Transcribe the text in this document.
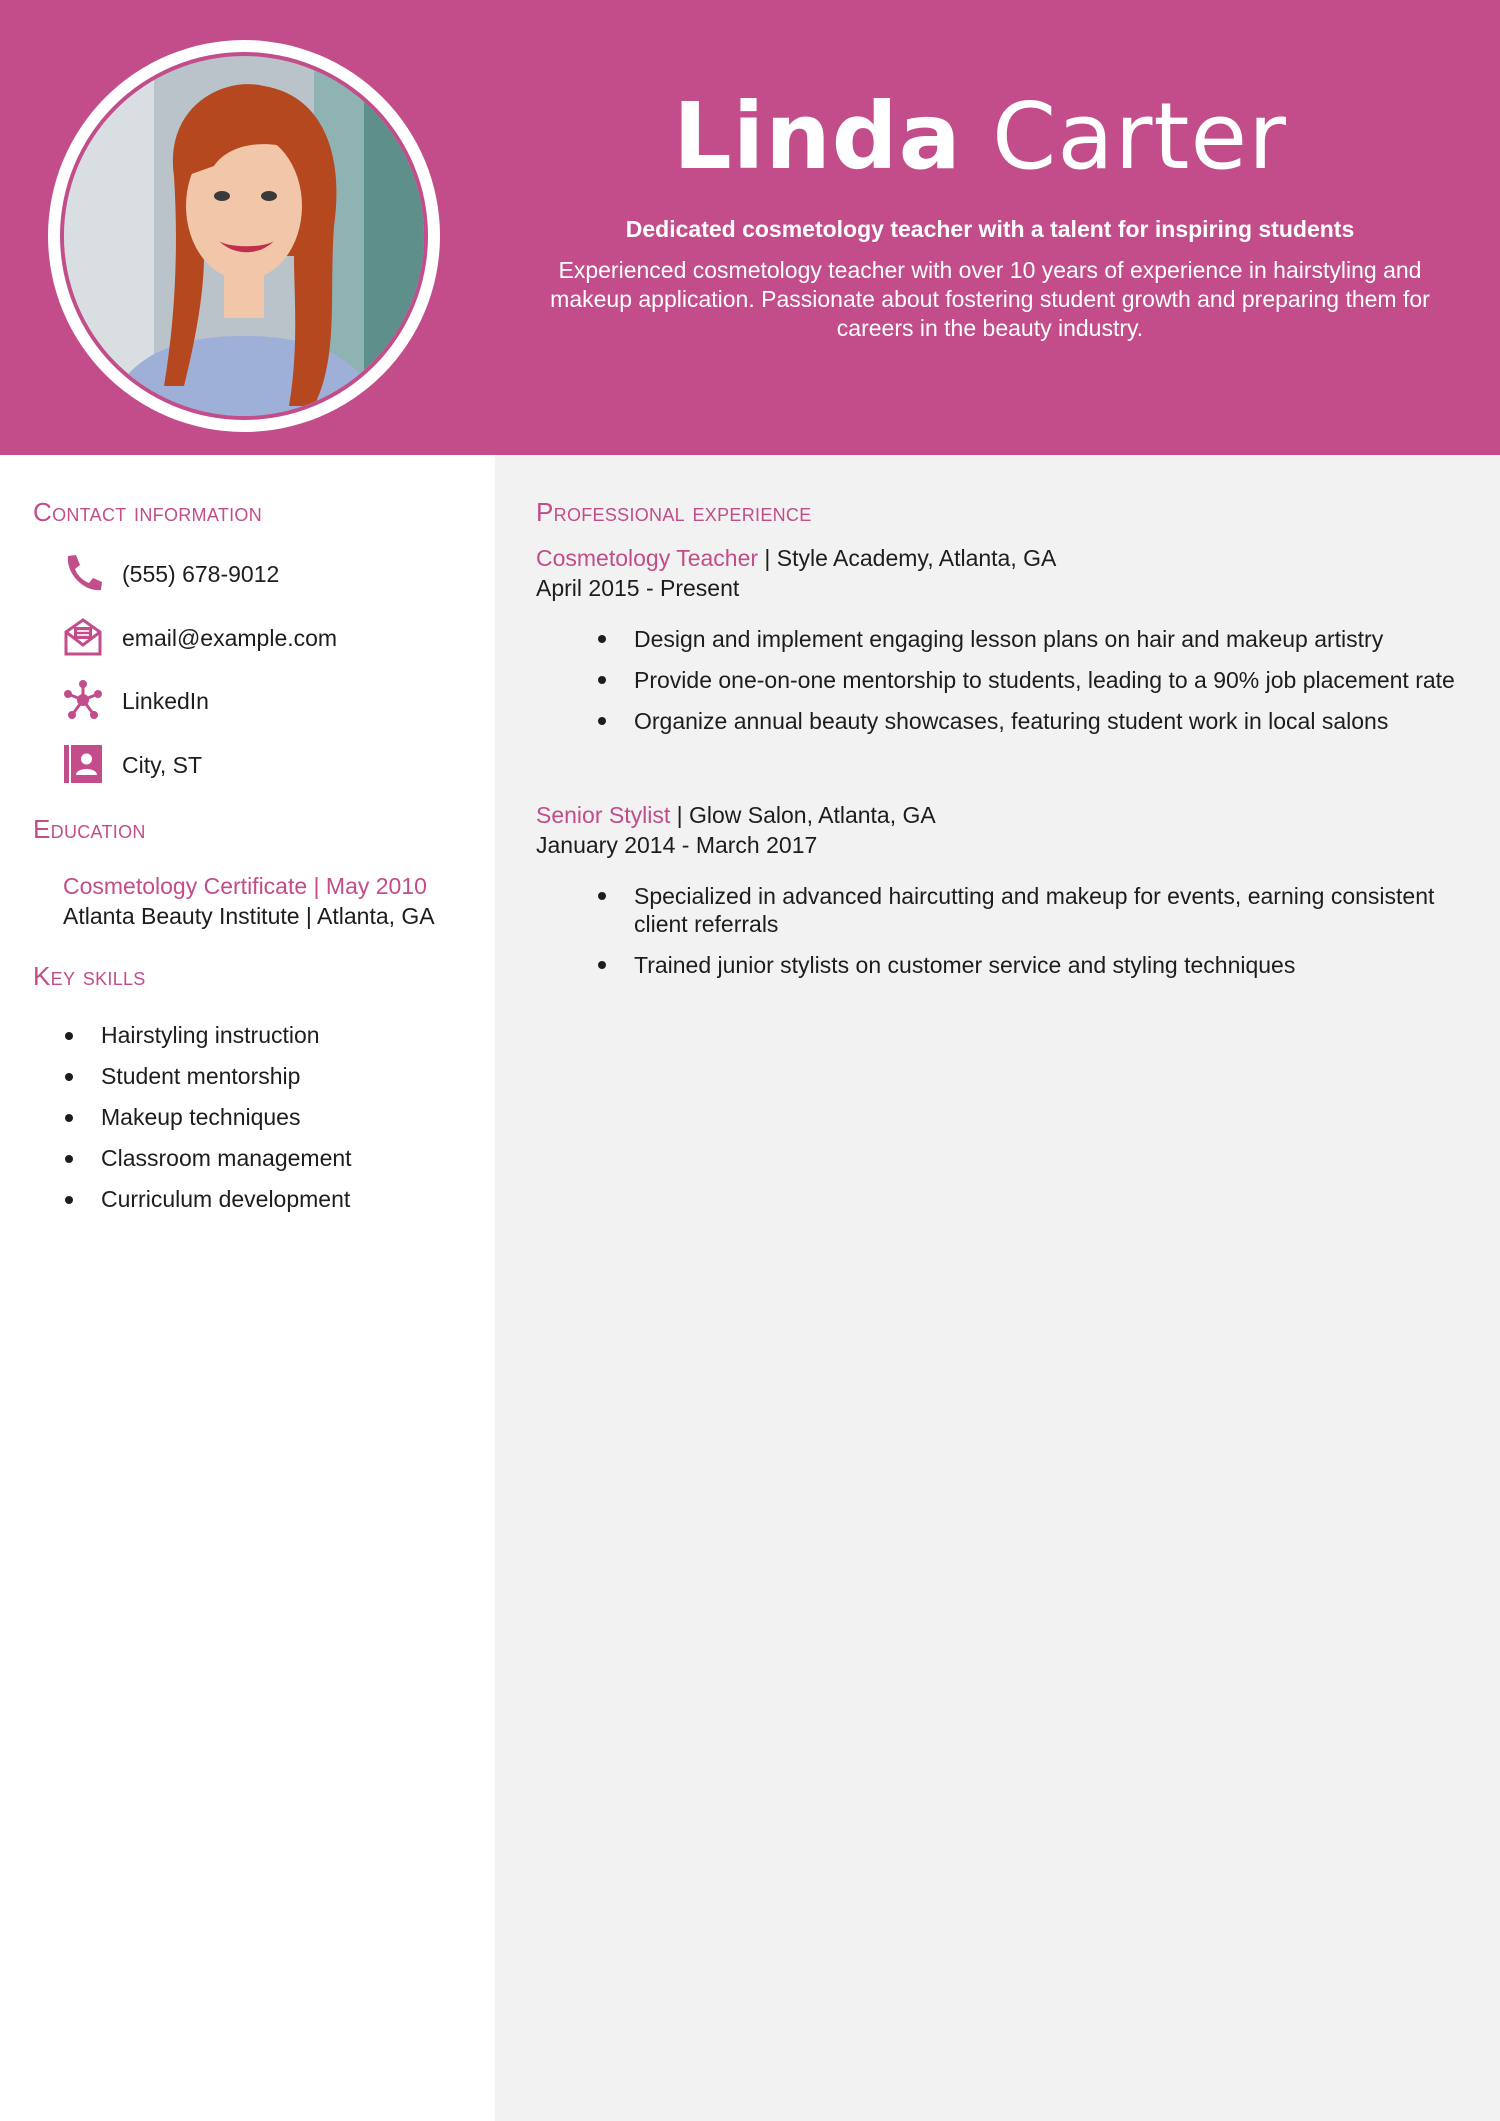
Linda Carter
Dedicated cosmetology teacher with a talent for inspiring students
Experienced cosmetology teacher with over 10 years of experience in hairstyling and makeup application. Passionate about fostering student growth and preparing them for careers in the beauty industry.
Contact information
(555) 678-9012
email@example.com
LinkedIn
City, ST
Education
Cosmetology Certificate | May 2010
Atlanta Beauty Institute | Atlanta, GA
Key skills
Hairstyling instruction
Student mentorship
Makeup techniques
Classroom management
Curriculum development
Professional experience
Cosmetology Teacher | Style Academy, Atlanta, GA
April 2015 - Present
Design and implement engaging lesson plans on hair and makeup artistry
Provide one-on-one mentorship to students, leading to a 90% job placement rate
Organize annual beauty showcases, featuring student work in local salons
Senior Stylist | Glow Salon, Atlanta, GA
January 2014 - March 2017
Specialized in advanced haircutting and makeup for events, earning consistent client referrals
Trained junior stylists on customer service and styling techniques
